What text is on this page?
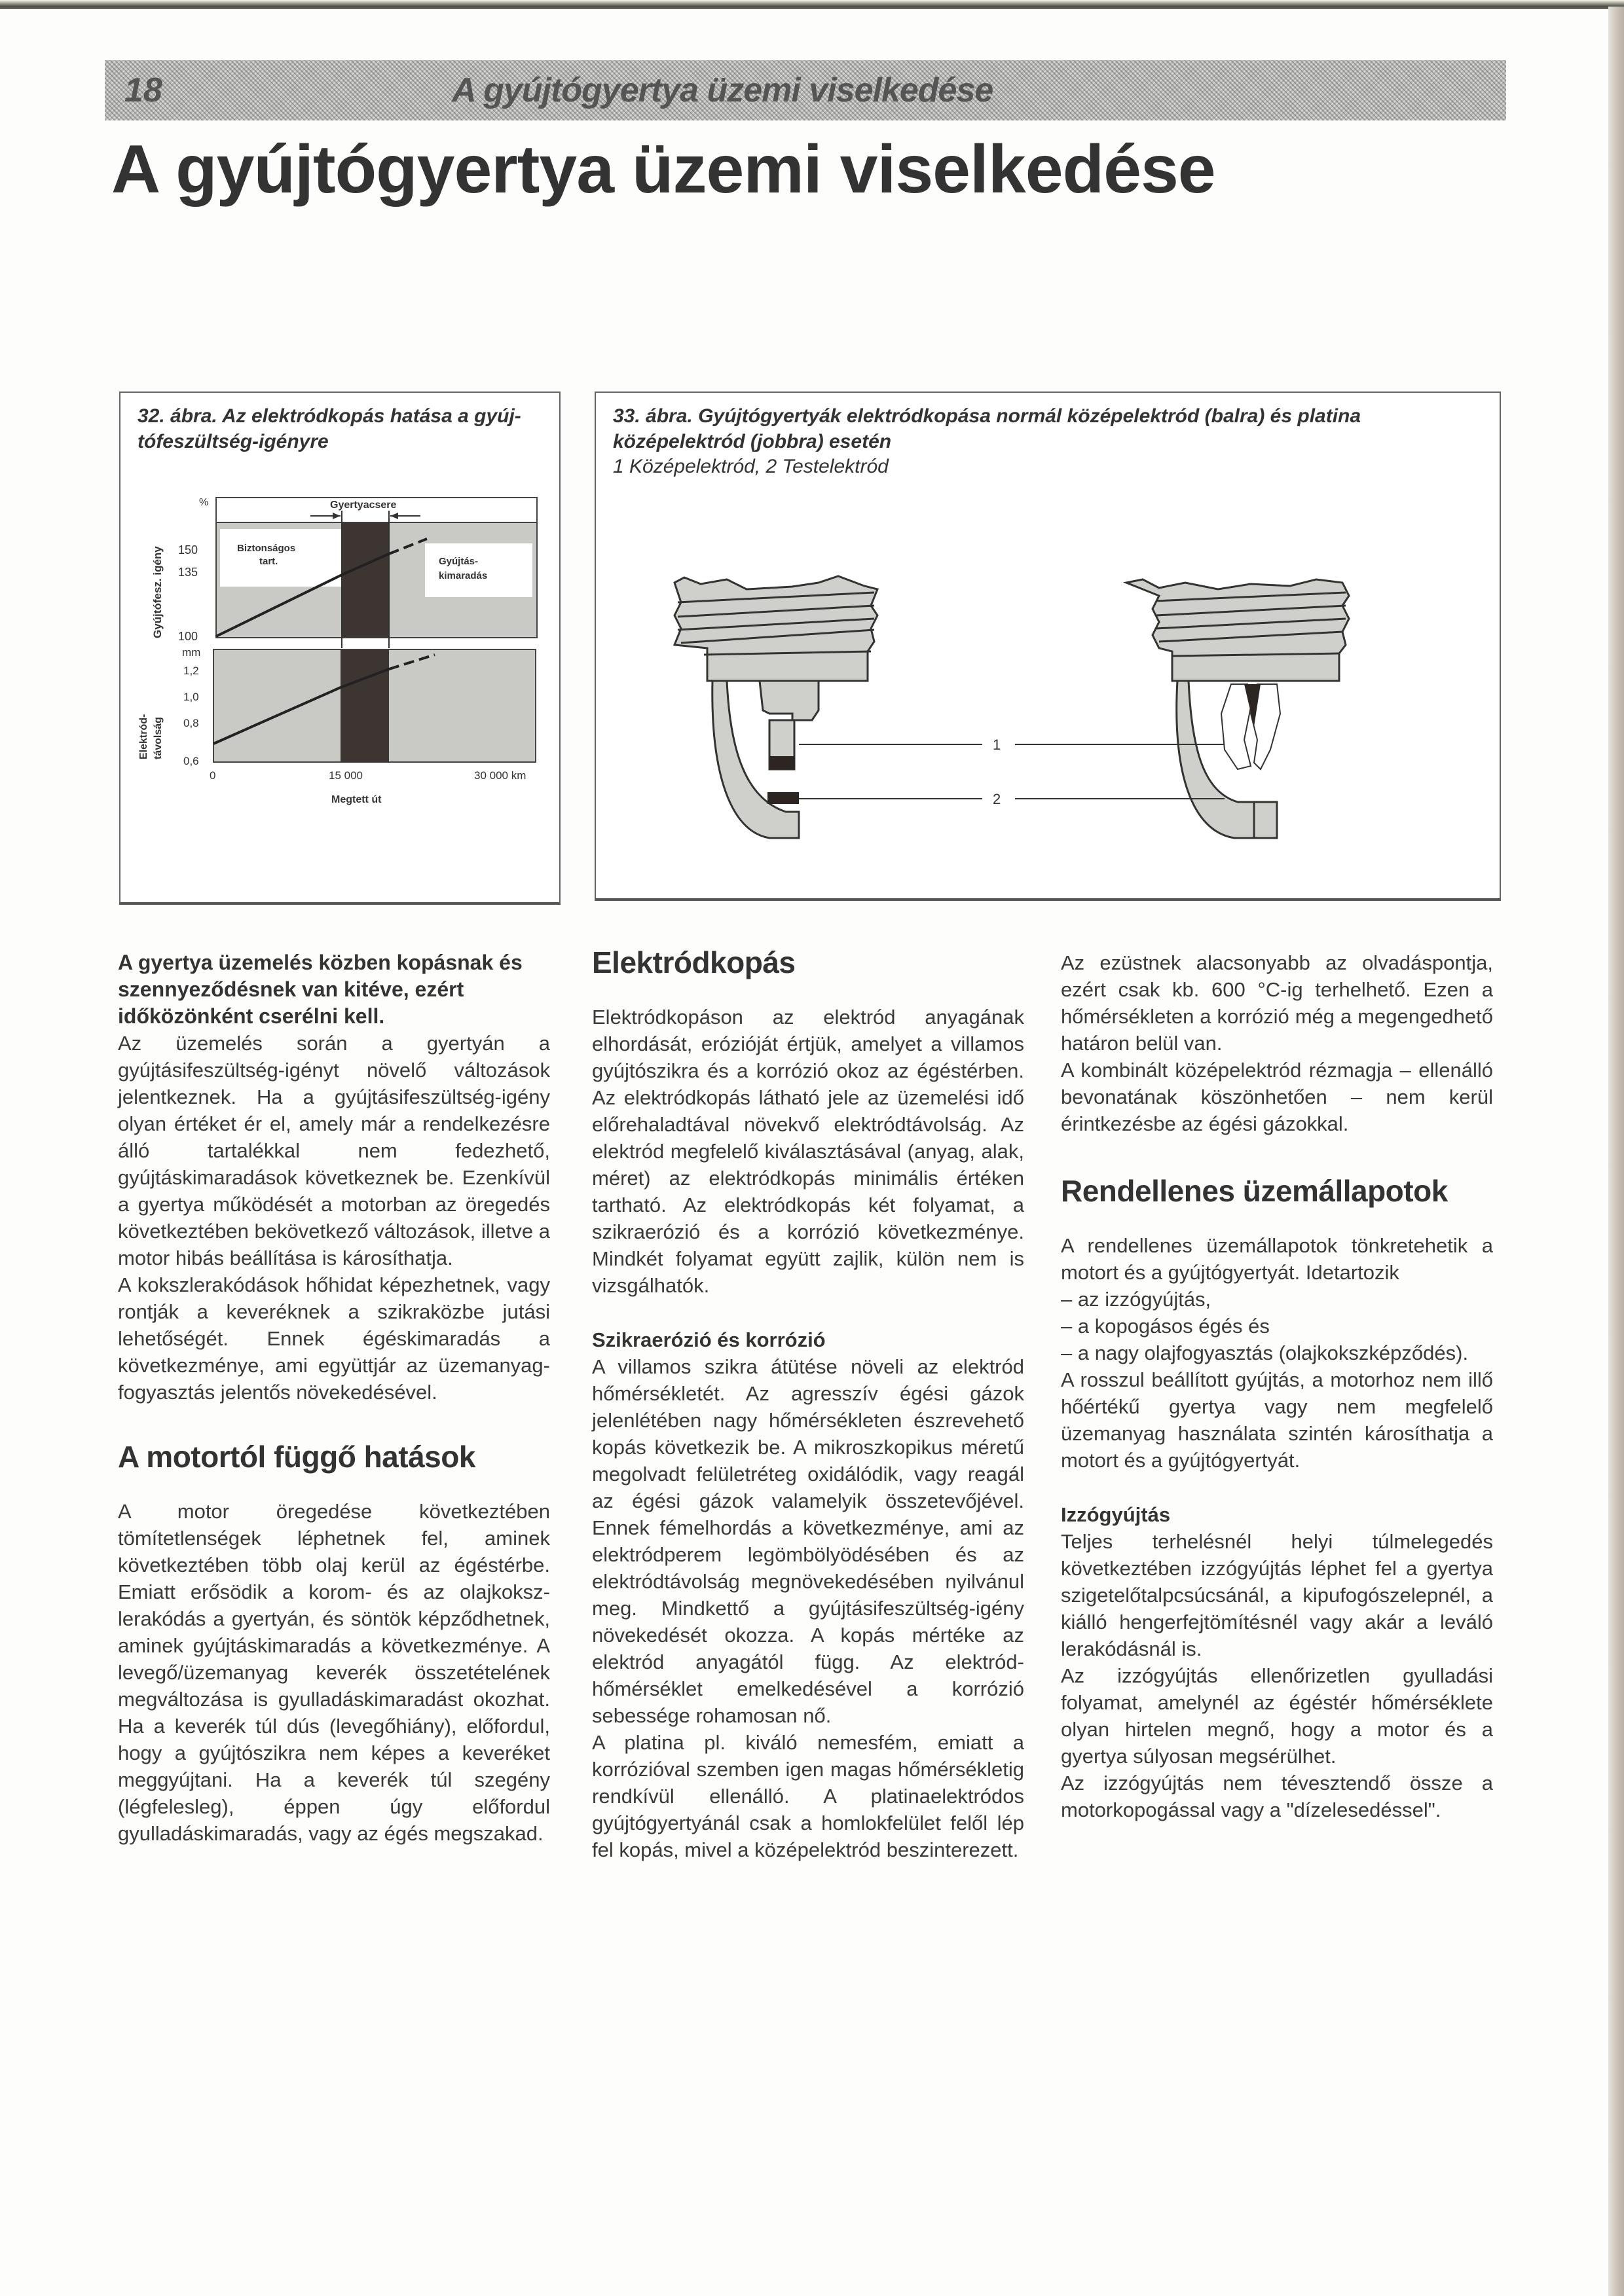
18	A gyújtógyertya üzemi viselkedése
A gyújtógyertya üzemi viselkedése
32. ábra. Az elektródkopás hatása a gyúj-tófeszültség-igényre
Gyertyacsere
Biztonságos
tart.	Gyújtás-
kimaradás
%
150
135
100
Gyújtófesz. igény
mm
1,2
1,0
0,8
0,6
Elektród- távolság
0	15 000	30 000 km
Megtett út
33. ábra. Gyújtógyertyák elektródkopása normál középelektród (balra) és platina középelektród (jobbra) esetén
1 Középelektród, 2 Testelektród
1
2

A gyertya üzemelés közben kopásnak és szennyeződésnek van kitéve, ezért időközönként cserélni kell.

Az üzemelés során a gyertyán a gyújtásifeszültség-igényt növelő változások jelentkeznek. Ha a gyújtásifeszültség-igény olyan értéket ér el, amely már a rendelkezésre álló tartalékkal nem fedezhető, gyújtáskimaradások következnek be. Ezenkívül a gyertya működését a motorban az öregedés következtében bekövetkező változások, illetve a motor hibás beállítása is károsíthatja.

A kokszlerakódások hőhidat képezhetnek, vagy rontják a keveréknek a szikraközbe jutási lehetőségét. Ennek égéskimaradás a következménye, ami együttjár az üzemanyag-fogyasztás jelentős növekedésével.

A motortól függő hatások

A motor öregedése következtében tömítetlenségek léphetnek fel, aminek következtében több olaj kerül az égéstérbe. Emiatt erősödik a korom- és az olajkoksz-lerakódás a gyertyán, és söntök képződhetnek, aminek gyújtáskimaradás a következménye. A levegő/üzemanyag keverék összetételének megváltozása is gyulladáskimaradást okozhat. Ha a keverék túl dús (levegőhiány), előfordul, hogy a gyújtószikra nem képes a keveréket meggyújtani. Ha a keverék túl szegény (légfelesleg), éppen úgy előfordul gyulladáskimaradás, vagy az égés megszakad.

Elektródkopás

Elektródkopáson az elektród anyagának elhordását, erózióját értjük, amelyet a villamos gyújtószikra és a korrózió okoz az égéstérben. Az elektródkopás látható jele az üzemelési idő előrehaladtával növekvő elektródtávolság. Az elektród megfelelő kiválasztásával (anyag, alak, méret) az elektródkopás minimális értéken tartható. Az elektródkopás két folyamat, a szikraerózió és a korrózió következménye. Mindkét folyamat együtt zajlik, külön nem is vizsgálhatók.

Szikraerózió és korrózió

A villamos szikra átütése növeli az elektród hőmérsékletét. Az agresszív égési gázok jelenlétében nagy hőmérsékleten észrevehető kopás következik be. A mikroszkopikus méretű megolvadt felületréteg oxidálódik, vagy reagál az égési gázok valamelyik összetevőjével. Ennek fémelhordás a következménye, ami az elektródperem legömbölyödésében és az elektródtávolság megnövekedésében nyilvánul meg. Mindkettő a gyújtásifeszültség-igény növekedését okozza. A kopás mértéke az elektród anyagától függ. Az elektród-hőmérséklet emelkedésével a korrózió sebessége rohamosan nő.

A platina pl. kiváló nemesfém, emiatt a korrózióval szemben igen magas hőmérsékletig rendkívül ellenálló. A platinaelektródos gyújtógyertyánál csak a homlokfelület felől lép fel kopás, mivel a középelektród beszinterezett.

Az ezüstnek alacsonyabb az olvadáspontja, ezért csak kb. 600 °C-ig terhelhető. Ezen a hőmérsékleten a korrózió még a megengedhető határon belül van.

A kombinált középelektród rézmagja – ellenálló bevonatának köszönhetően – nem kerül érintkezésbe az égési gázokkal.

Rendellenes üzemállapotok

A rendellenes üzemállapotok tönkretehetik a motort és a gyújtógyertyát. Idetartozik

– az izzógyújtás,
– a kopogásos égés és
– a nagy olajfogyasztás (olajkokszképződés).

A rosszul beállított gyújtás, a motorhoz nem illő hőértékű gyertya vagy nem megfelelő üzemanyag használata szintén károsíthatja a motort és a gyújtógyertyát.

Izzógyújtás

Teljes terhelésnél helyi túlmelegedés következtében izzógyújtás léphet fel a gyertya szigetelőtalpcsúcsánál, a kipufogószelepnél, a kiálló hengerfejtömítésnél vagy akár a leváló lerakódásnál is.

Az izzógyújtás ellenőrizetlen gyulladási folyamat, amelynél az égéstér hőmérséklete olyan hirtelen megnő, hogy a motor és a gyertya súlyosan megsérülhet.

Az izzógyújtás nem tévesztendő össze a motorkopogással vagy a "dízelesedéssel".
